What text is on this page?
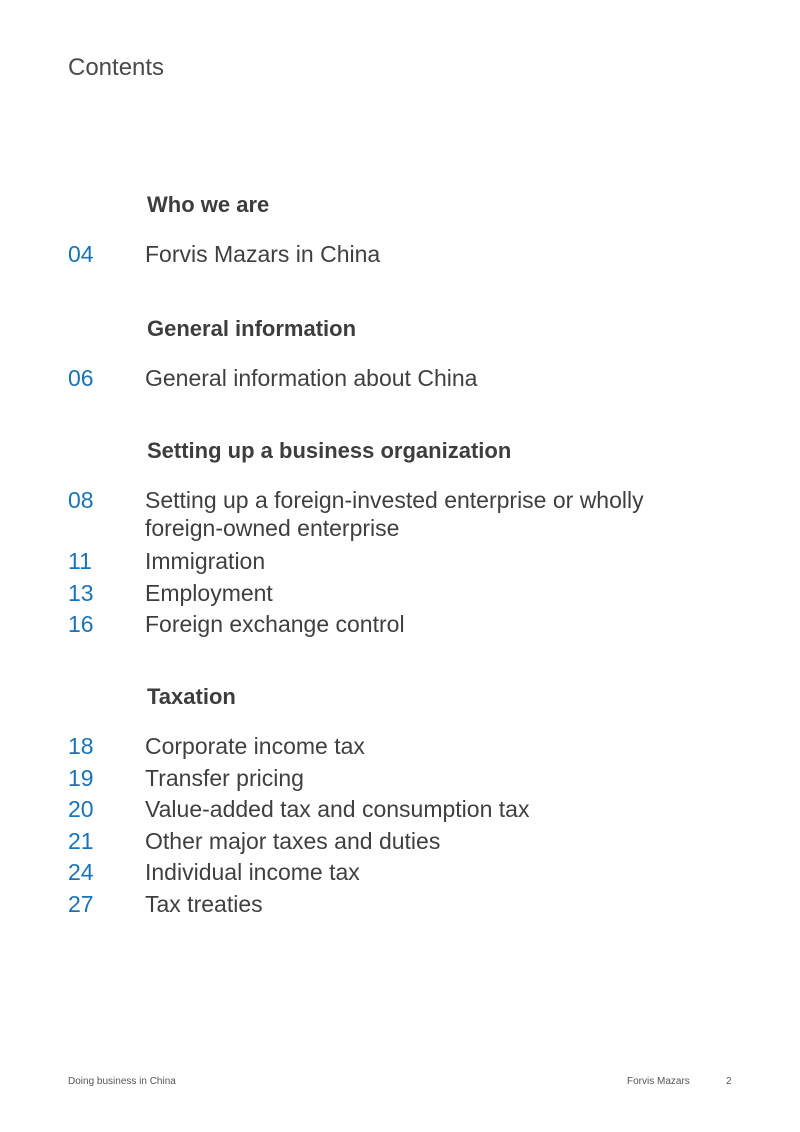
Contents
Who we are
04 Forvis Mazars in China
General information
06 General information about China
Setting up a business organization
08 Setting up a foreign-invested enterprise or wholly foreign-owned enterprise
11 Immigration
13 Employment
16 Foreign exchange control
Taxation
18 Corporate income tax
19 Transfer pricing
20 Value-added tax and consumption tax
21 Other major taxes and duties
24 Individual income tax
27 Tax treaties
Doing business in China	Forvis Mazars	2
